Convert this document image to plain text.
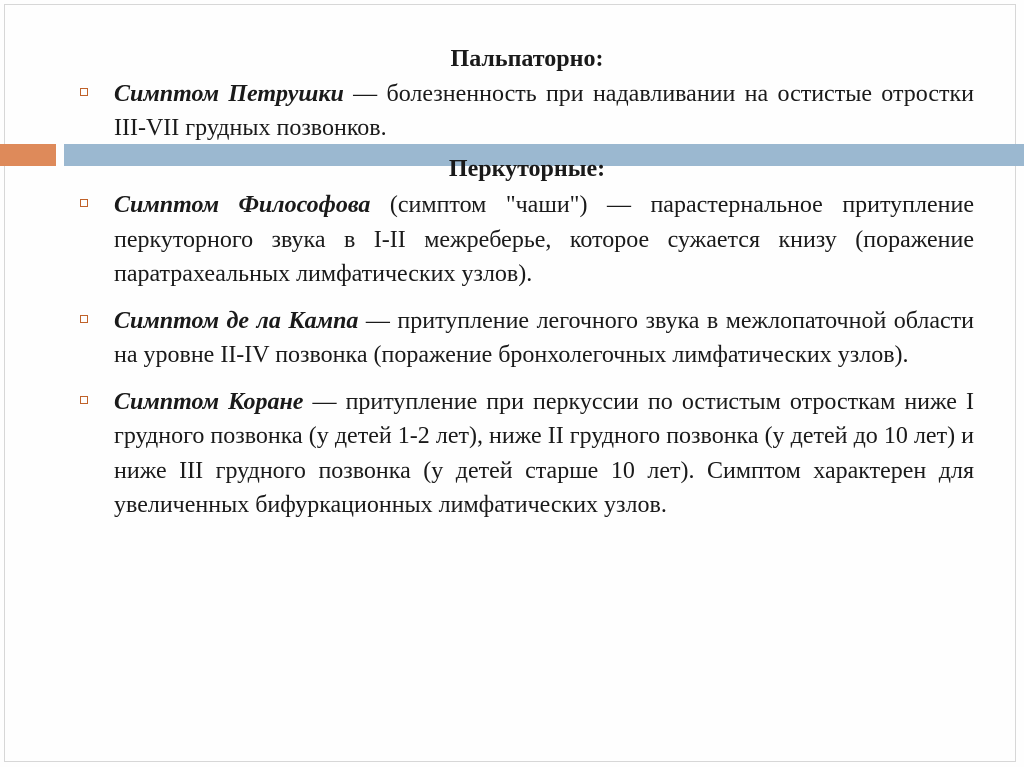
Пальпаторно:
Симптом Петрушки — болезненность при надавливании на остистые отростки III-VII грудных позвонков.
Перкуторные:
Симптом Философова (симптом "чаши") — парастернальное притупление перкуторного звука в I-II межреберье, которое сужается книзу (поражение паратрахеальных лимфатических узлов).
Симптом де ла Кампа — притупление легочного звука в межлопаточной области на уровне II-IV позвонка (поражение бронхолегочных лимфатических узлов).
Симптом Коране — притупление при перкуссии по остистым отросткам ниже I грудного позвонка (у детей 1-2 лет), ниже II грудного позвонка (у детей до 10 лет) и ниже III грудного позвонка (у детей старше 10 лет). Симптом характерен для увеличенных бифуркационных лимфатических узлов.
